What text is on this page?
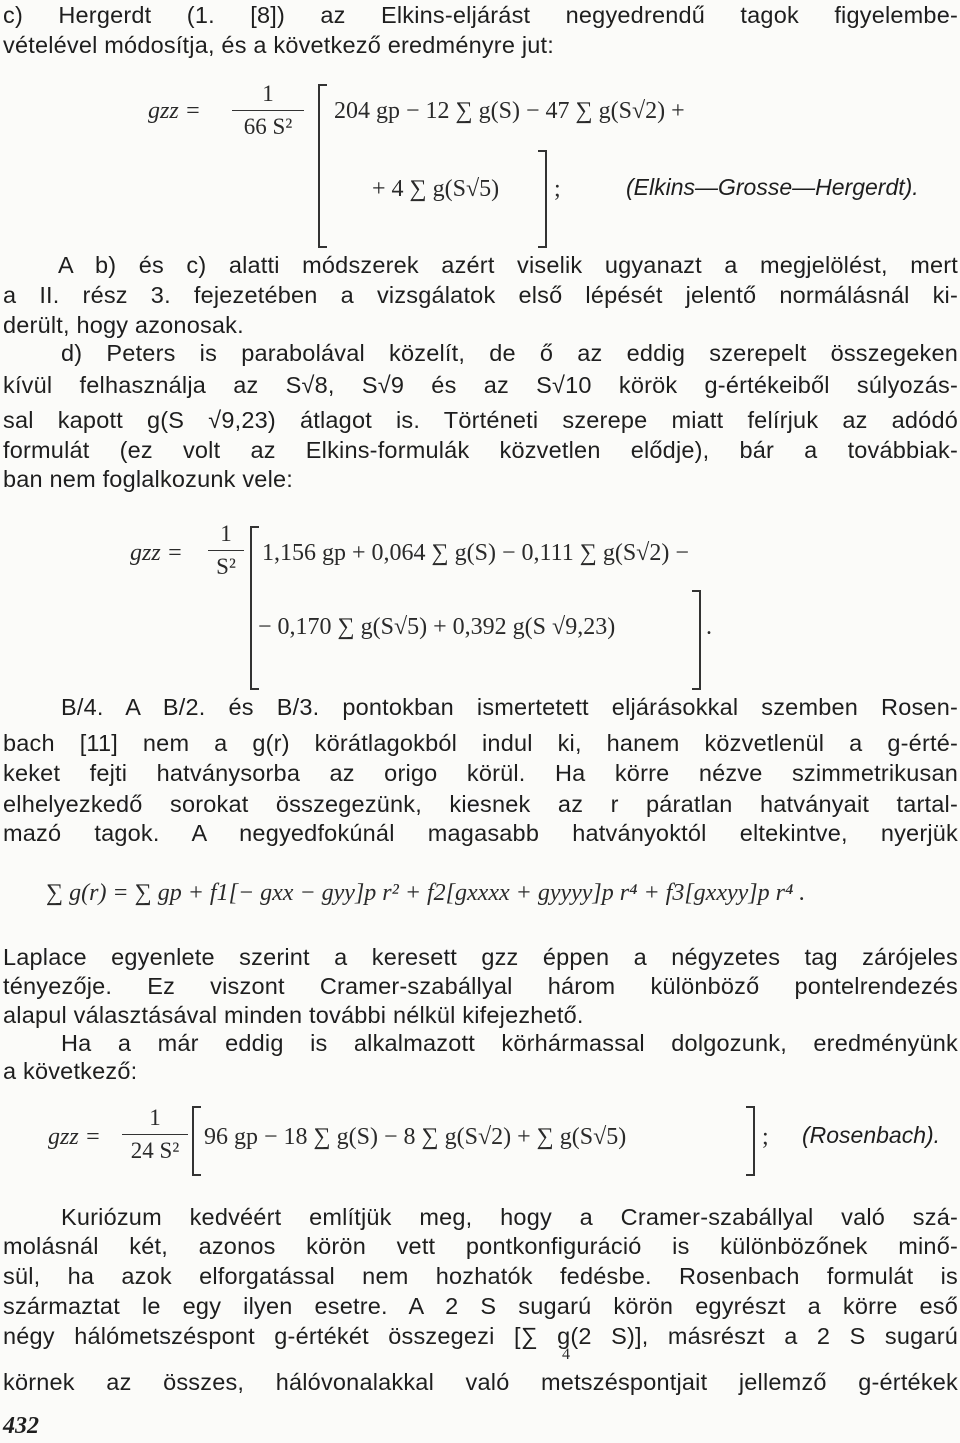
c) Hergerdt (1. [8]) az Elkins-eljárást negyedrendű tagok figyelembe-
vételével módosítja, és a következő eredményre jut:
gzz =
1
66 S²
204 gp − 12 ∑ g(S) − 47 ∑ g(S√2) +
+ 4 ∑ g(S√5) ;	(Elkins—Grosse—Hergerdt).
A b) és c) alatti módszerek azért viselik ugyanazt a megjelölést, mert
a II. rész 3. fejezetében a vizsgálatok első lépését jelentő normálásnál ki-
derült, hogy azonosak.
d) Peters is parabolával közelít, de ő az eddig szerepelt összegeken
kívül felhasználja az S√8, S√9 és az S√10 körök g-értékeiből súlyozás-
sal kapott g(S √9,23) átlagot is. Történeti szerepe miatt felírjuk az adódó
formulát (ez volt az Elkins-formulák közvetlen elődje), bár a továbbiak-
ban nem foglalkozunk vele:
gzz =
1
S²
1,156 gp + 0,064 ∑ g(S) − 0,111 ∑ g(S√2) −
− 0,170 ∑ g(S√5) + 0,392 g(S √9,23)	.
B/4. A B/2. és B/3. pontokban ismertetett eljárásokkal szemben Rosen-
bach [11] nem a g(r) körátlagokból indul ki, hanem közvetlenül a g-érté-
keket fejti hatványsorba az origo körül. Ha körre nézve szimmetrikusan
elhelyezkedő sorokat összegezünk, kiesnek az r páratlan hatványait tartal-
mazó tagok. A negyedfokúnál magasabb hatványoktól eltekintve, nyerjük
∑ g(r) = ∑ gp + f1[− gxx − gyy]p r² + f2[gxxxx + gyyyy]p r⁴ + f3[gxxyy]p r⁴ .
Laplace egyenlete szerint a keresett gzz éppen a négyzetes tag zárójeles
tényezője. Ez viszont Cramer-szabállyal három különböző pontelrendezés
alapul választásával minden további nélkül kifejezhető.
Ha a már eddig is alkalmazott körhármassal dolgozunk, eredményünk
a következő:
gzz =
1
24 S²
96 gp − 18 ∑ g(S) − 8 ∑ g(S√2) + ∑ g(S√5)	; (Rosenbach).
Kuriózum kedvéért említjük meg, hogy a Cramer-szabállyal való szá-
molásnál két, azonos körön vett pontkonfiguráció is különbözőnek minő-
sül, ha azok elforgatással nem hozhatók fedésbe. Rosenbach formulát is
származtat le egy ilyen esetre. A 2 S sugarú körön egyrészt a körre eső
négy hálómetszéspont g-értékét összegezi [∑ g(2 S)], másrészt a 2 S sugarú
4
körnek az összes, hálóvonalakkal való metszéspontjait jellemző g-értékek
432
